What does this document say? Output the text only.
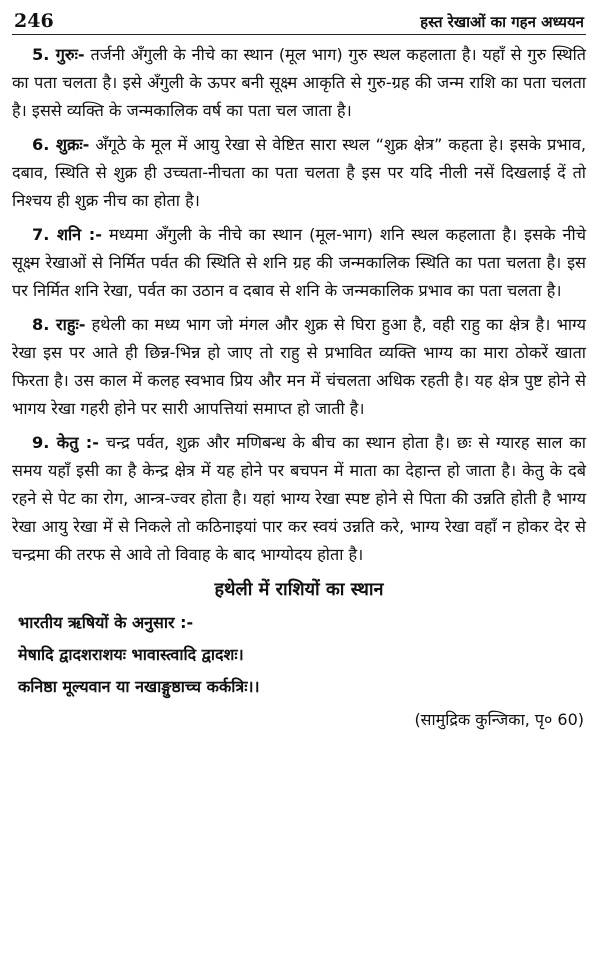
246	हस्त रेखाओं का गहन अध्ययन

5. गुरुः- तर्जनी अँगुली के नीचे का स्थान (मूल भाग) गुरु स्थल कहलाता है। यहाँ से गुरु स्थिति का पता चलता है। इसे अँगुली के ऊपर बनी सूक्ष्म आकृति से गुरु-ग्रह की जन्म राशि का पता चलता है। इससे व्यक्ति के जन्मकालिक वर्ष का पता चल जाता है।

6. शुक्रः- अँगूठे के मूल में आयु रेखा से वेष्टित सारा स्थल “शुक्र क्षेत्र” कहता हे। इसके प्रभाव, दबाव, स्थिति से शुक्र ही उच्चता-नीचता का पता चलता है इस पर यदि नीली नसें दिखलाई दें तो निश्चय ही शुक्र नीच का होता है।

7. शनि :- मध्यमा अँगुली के नीचे का स्थान (मूल-भाग) शनि स्थल कहलाता है। इसके नीचे सूक्ष्म रेखाओं से निर्मित पर्वत की स्थिति से शनि ग्रह की जन्मकालिक स्थिति का पता चलता है। इस पर निर्मित शनि रेखा, पर्वत का उठान व दबाव से शनि के जन्मकालिक प्रभाव का पता चलता है।

8. राहुः- हथेली का मध्य भाग जो मंगल और शुक्र से घिरा हुआ है, वही राहु का क्षेत्र है। भाग्य रेखा इस पर आते ही छिन्न-भिन्न हो जाए तो राहु से प्रभावित व्यक्ति भाग्य का मारा ठोकरें खाता फिरता है। उस काल में कलह स्वभाव प्रिय और मन में चंचलता अधिक रहती है। यह क्षेत्र पुष्ट होने से भागय रेखा गहरी होने पर सारी आपत्तियां समाप्त हो जाती है।

9. केतु :- चन्द्र पर्वत, शुक्र और मणिबन्ध के बीच का स्थान होता है। छः से ग्यारह साल का समय यहाँ इसी का है केन्द्र क्षेत्र में यह होने पर बचपन में माता का देहान्त हो जाता है। केतु के दबे रहने से पेट का रोग, आन्त्र-ज्वर होता है। यहां भाग्य रेखा स्पष्ट होने से पिता की उन्नति होती है भाग्य रेखा आयु रेखा में से निकले तो कठिनाइयां पार कर स्वयं उन्नति करे, भाग्य रेखा वहाँ न होकर देर से चन्द्रमा की तरफ से आवे तो विवाह के बाद भाग्योदय होता है।

हथेली में राशियों का स्थान
भारतीय ऋषियों के अनुसार :-
मेषादि द्वादशराशयः भावास्त्वादि द्वादशः।
कनिष्ठा मूल्यवान या नखाङ्गुष्ठाच्च कर्कत्रिः।।
(सामुद्रिक कुन्जिका, पृ० 60)
